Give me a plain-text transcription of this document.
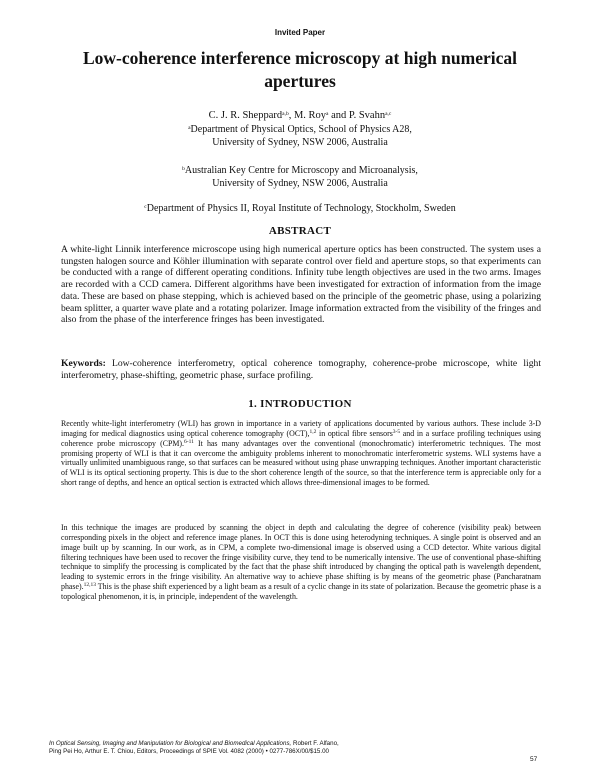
Invited Paper
Low-coherence interference microscopy at high numerical apertures
C. J. R. Sheppard$^{a,b}$, M. Roy$^a$ and P. Svahn$^{a,c}$
$^a$Department of Physical Optics, School of Physics A28,
University of Sydney, NSW 2006, Australia
$^b$Australian Key Centre for Microscopy and Microanalysis,
University of Sydney, NSW 2006, Australia
$^c$Department of Physics II, Royal Institute of Technology, Stockholm, Sweden
ABSTRACT
A white-light Linnik interference microscope using high numerical aperture optics has been constructed. The system uses a tungsten halogen source and Köhler illumination with separate control over field and aperture stops, so that experiments can be conducted with a range of different operating conditions. Infinity tube length objectives are used in the two arms. Images are recorded with a CCD camera. Different algorithms have been investigated for extraction of information from the image data. These are based on phase stepping, which is achieved based on the principle of the geometric phase, using a polarizing beam splitter, a quarter wave plate and a rotating polarizer. Image information extracted from the visibility of the fringes and also from the phase of the interference fringes has been investigated.
Keywords: Low-coherence interferometry, optical coherence tomography, coherence-probe microscope, white light interferometry, phase-shifting, geometric phase, surface profiling.
1. INTRODUCTION
Recently white-light interferometry (WLI) has grown in importance in a variety of applications documented by various authors. These include 3-D imaging for medical diagnostics using optical coherence tomography (OCT),$^{1,2}$ in optical fibre sensors$^{3-5}$ and in a surface profiling techniques using coherence probe microscopy (CPM).$^{6-11}$ It has many advantages over the conventional (monochromatic) interferometric techniques. The most promising property of WLI is that it can overcome the ambiguity problems inherent to monochromatic interferometric systems. WLI systems have a virtually unlimited unambiguous range, so that surfaces can be measured without using phase unwrapping techniques. Another important characteristic of WLI is its optical sectioning property. This is due to the short coherence length of the source, so that the interference term is appreciable only for a short range of depths, and hence an optical section is extracted which allows three-dimensional images to be formed.
In this technique the images are produced by scanning the object in depth and calculating the degree of coherence (visibility peak) between corresponding pixels in the object and reference image planes. In OCT this is done using heterodyning techniques. A single point is observed and an image built up by scanning. In our work, as in CPM, a complete two-dimensional image is observed using a CCD detector. White various digital filtering techniques have been used to recover the fringe visibility curve, they tend to be numerically intensive. The use of conventional phase-shifting technique to simplify the processing is complicated by the fact that the phase shift introduced by changing the optical path is wavelength dependent, leading to systemic errors in the fringe visibility. An alternative way to achieve phase shifting is by means of the geometric phase (Pancharatnam phase).$^{12,13}$ This is the phase shift experienced by a light beam as a result of a cyclic change in its state of polarization. Because the geometric phase is a topological phenomenon, it is, in principle, independent of the wavelength.
In Optical Sensing, Imaging and Manipulation for Biological and Biomedical Applications, Robert F. Alfano,
Ping Pei Ho, Arthur E. T. Chiou, Editors, Proceedings of SPIE Vol. 4082 (2000) • 0277-786X/00/$15.00
57
